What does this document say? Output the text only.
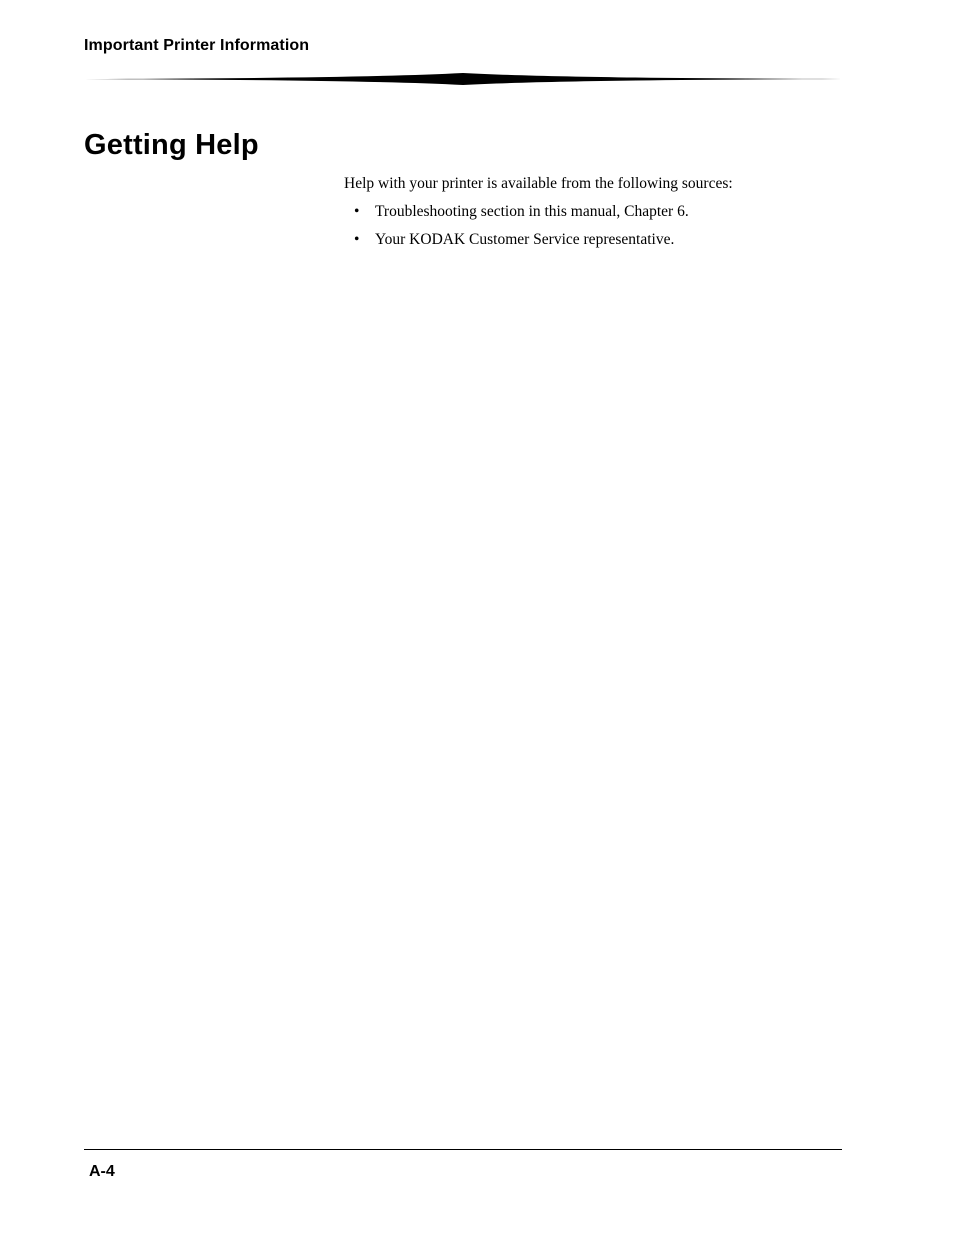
Important Printer Information
Getting Help

Help with your printer is available from the following sources:

• Troubleshooting section in this manual, Chapter 6.
• Your KODAK Customer Service representative.
A-4
